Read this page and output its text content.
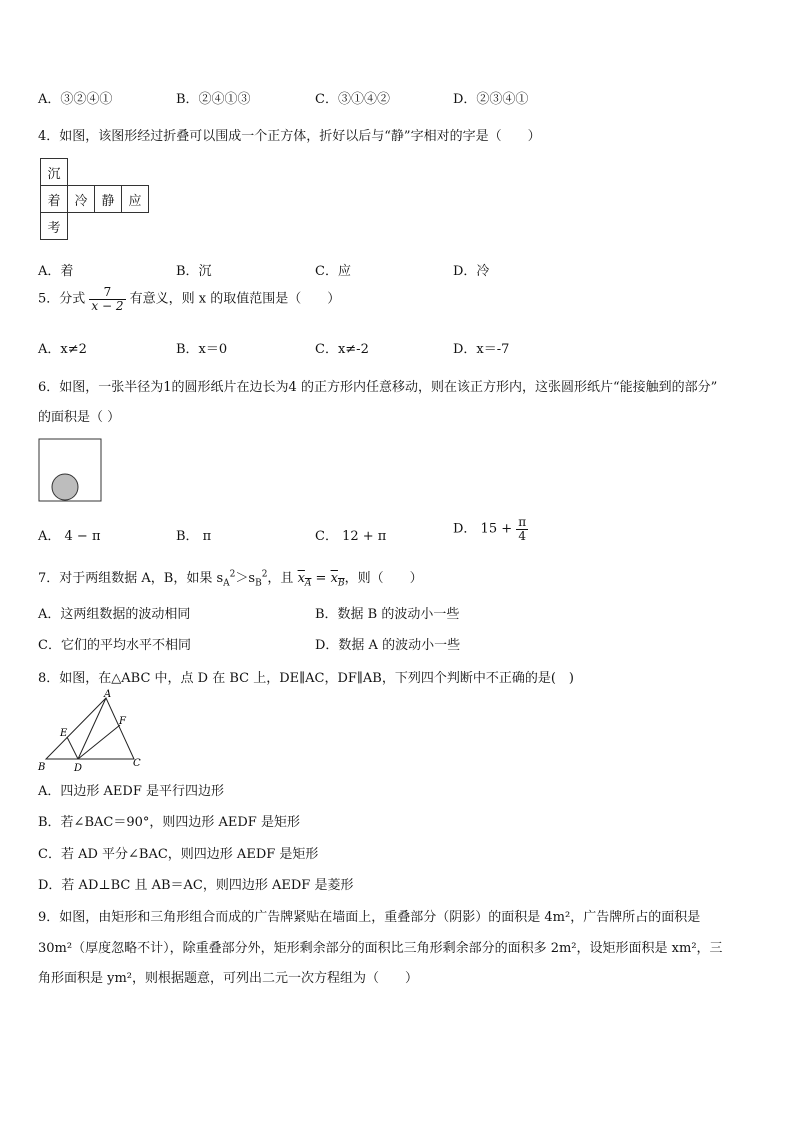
A．③②④①	B．②④①③	C．③①④②	D．②③④①
4．如图，该图形经过折叠可以围成一个正方体，折好以后与“静”字相对的字是（　　）
沉			
着	冷	静	应
考			
A．着	B．沉	C．应	D．冷
5．分式 $\frac{7}{x - 2}$ 有意义，则 x 的取值范围是（　　）
A．x≠2	B．x＝0	C．x≠-2	D．x＝-7
6．如图，一张半径为1的圆形纸片在边长为4 的正方形内任意移动，则在该正方形内，这张圆形纸片“能接触到的部分”
的面积是（ ）
A． 4 − π	B． π	C． 12 + π	D． $15 + \frac{\pi}{4}$
7．对于两组数据 A，B，如果 $s_A^2>s_B^2$，且 $x_A = x_B$，则（　　）
A．这两组数据的波动相同	B．数据 B 的波动小一些
C．它们的平均水平不相同	D．数据 A 的波动小一些
8．如图，在△ABC 中，点 D 在 BC 上，DE∥AC，DF∥AB，下列四个判断中不正确的是(　)
A
B	C
D
E
F
A．四边形 AEDF 是平行四边形
B．若∠BAC＝90°，则四边形 AEDF 是矩形
C．若 AD 平分∠BAC，则四边形 AEDF 是矩形
D．若 AD⊥BC 且 AB＝AC，则四边形 AEDF 是菱形
9．如图，由矩形和三角形组合而成的广告牌紧贴在墙面上，重叠部分（阴影）的面积是 4m²，广告牌所占的面积是
30m²（厚度忽略不计），除重叠部分外，矩形剩余部分的面积比三角形剩余部分的面积多 2m²，设矩形面积是 xm²，三
角形面积是 ym²，则根据题意，可列出二元一次方程组为（　　）
